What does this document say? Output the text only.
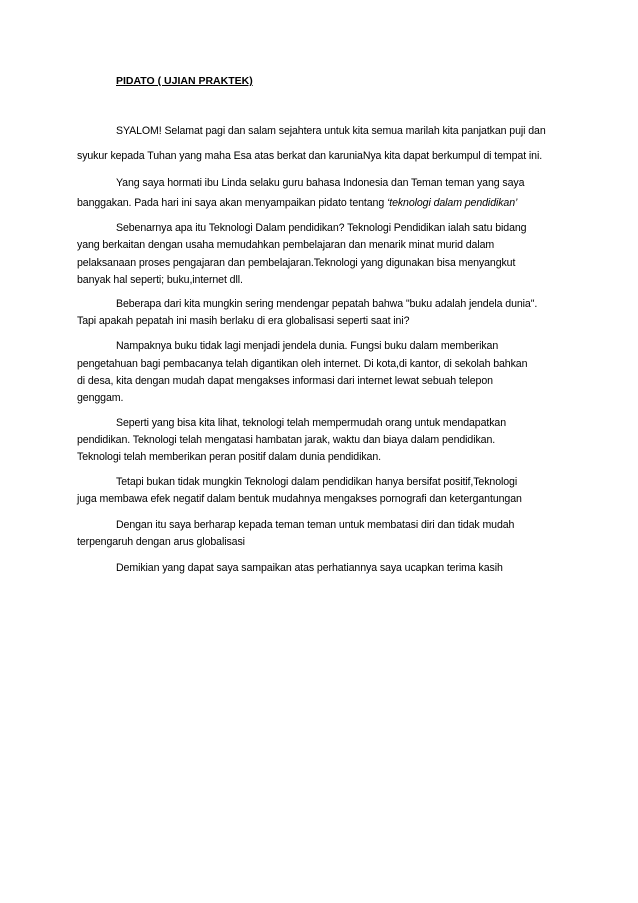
PIDATO ( UJIAN PRAKTEK)
SYALOM! Selamat pagi dan salam sejahtera untuk kita semua marilah kita panjatkan puji dan
syukur kepada Tuhan yang maha Esa atas berkat dan karuniaNya kita dapat berkumpul di tempat ini.
Yang saya hormati ibu Linda selaku guru bahasa Indonesia dan Teman teman yang saya
banggakan. Pada hari ini saya akan menyampaikan pidato tentang ‘teknologi dalam pendidikan’
Sebenarnya apa itu Teknologi Dalam pendidikan? Teknologi Pendidikan ialah satu bidang
yang berkaitan dengan usaha memudahkan pembelajaran dan menarik minat murid dalam
pelaksanaan proses pengajaran dan pembelajaran.Teknologi yang digunakan bisa menyangkut
banyak hal seperti; buku,internet dll.
Beberapa dari kita mungkin sering mendengar pepatah bahwa "buku adalah jendela dunia".
Tapi apakah pepatah ini masih berlaku di era globalisasi seperti saat ini?
Nampaknya buku tidak lagi menjadi jendela dunia. Fungsi buku dalam memberikan
pengetahuan bagi pembacanya telah digantikan oleh internet. Di kota,di kantor, di sekolah bahkan
di desa, kita dengan mudah dapat mengakses informasi dari internet lewat sebuah telepon
genggam.
Seperti yang bisa kita lihat, teknologi telah mempermudah orang untuk mendapatkan
pendidikan. Teknologi telah mengatasi hambatan jarak, waktu dan biaya dalam pendidikan.
Teknologi telah memberikan peran positif dalam dunia pendidikan.
Tetapi bukan tidak mungkin Teknologi dalam pendidikan hanya bersifat positif,Teknologi
juga membawa efek negatif dalam bentuk mudahnya mengakses pornografi dan ketergantungan
Dengan itu saya berharap kepada teman teman untuk membatasi diri dan tidak mudah
terpengaruh dengan arus globalisasi
Demikian yang dapat saya sampaikan atas perhatiannya saya ucapkan terima kasih
